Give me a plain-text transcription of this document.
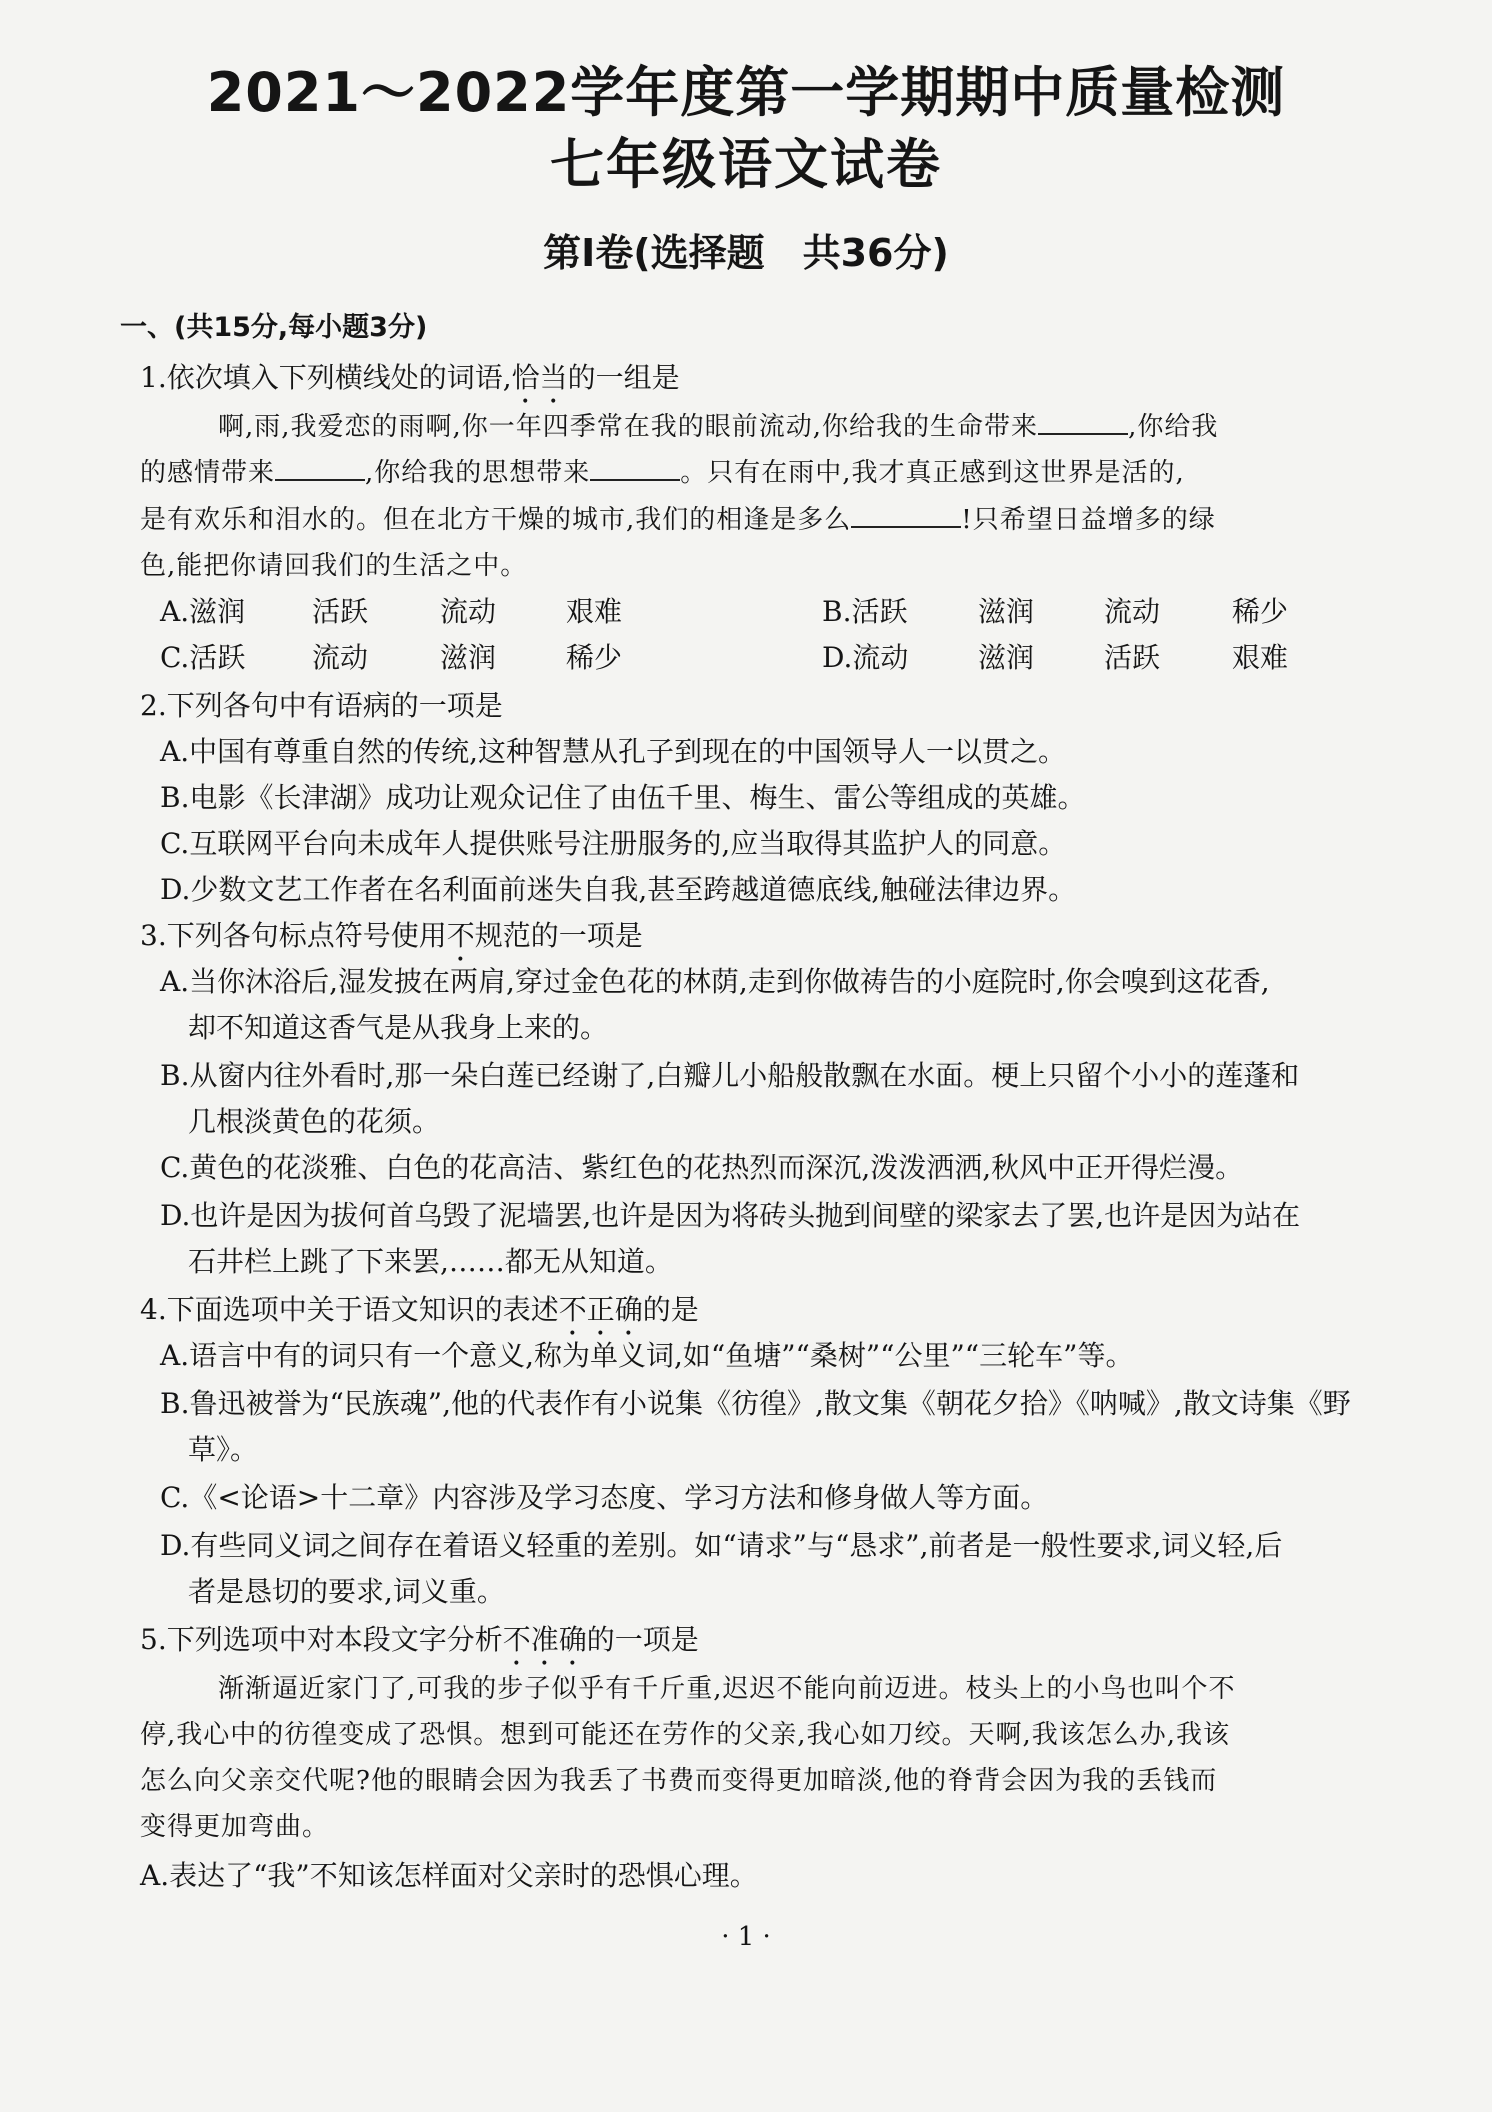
2021～2022学年度第一学期期中质量检测
七年级语文试卷
第Ⅰ卷(选择题　共36分)
一、(共15分,每小题3分)
1.依次填入下列横线处的词语,恰当的一组是
啊,雨,我爱恋的雨啊,你一年四季常在我的眼前流动,你给我的生命带来	,你给我
的感情带来	,你给我的思想带来	。只有在雨中,我才真正感到这世界是活的,
是有欢乐和泪水的。但在北方干燥的城市,我们的相逢是多么	!只希望日益增多的绿
色,能把你请回我们的生活之中。
A.滋润 活跃	流动 艰难	B.活跃	滋润 流动	稀少
C.活跃 流动	滋润 稀少	D.流动 滋润 活跃	艰难
2.下列各句中有语病的一项是
A.中国有尊重自然的传统,这种智慧从孔子到现在的中国领导人一以贯之。
B.电影《长津湖》成功让观众记住了由伍千里、梅生、雷公等组成的英雄。
C.互联网平台向未成年人提供账号注册服务的,应当取得其监护人的同意。
D.少数文艺工作者在名利面前迷失自我,甚至跨越道德底线,触碰法律边界。
3.下列各句标点符号使用不规范的一项是
A.当你沐浴后,湿发披在两肩,穿过金色花的林荫,走到你做祷告的小庭院时,你会嗅到这花香,
却不知道这香气是从我身上来的。
B.从窗内往外看时,那一朵白莲已经谢了,白瓣儿小船般散飘在水面。梗上只留个小小的莲蓬和
几根淡黄色的花须。
C.黄色的花淡雅、白色的花高洁、紫红色的花热烈而深沉,泼泼洒洒,秋风中正开得烂漫。
D.也许是因为拔何首乌毁了泥墙罢,也许是因为将砖头抛到间壁的梁家去了罢,也许是因为站在
石井栏上跳了下来罢,……都无从知道。
4.下面选项中关于语文知识的表述不正确的是
A.语言中有的词只有一个意义,称为单义词,如“鱼塘”“桑树”“公里”“三轮车”等。
B.鲁迅被誉为“民族魂”,他的代表作有小说集《彷徨》,散文集《朝花夕拾》《呐喊》,散文诗集《野
草》。
C.《<论语>十二章》内容涉及学习态度、学习方法和修身做人等方面。
D.有些同义词之间存在着语义轻重的差别。如“请求”与“恳求”,前者是一般性要求,词义轻,后
者是恳切的要求,词义重。
5.下列选项中对本段文字分析不准确的一项是
渐渐逼近家门了,可我的步子似乎有千斤重,迟迟不能向前迈进。枝头上的小鸟也叫个不
停,我心中的彷徨变成了恐惧。想到可能还在劳作的父亲,我心如刀绞。天啊,我该怎么办,我该
怎么向父亲交代呢?他的眼睛会因为我丢了书费而变得更加暗淡,他的脊背会因为我的丢钱而
变得更加弯曲。
A.表达了“我”不知该怎样面对父亲时的恐惧心理。
· 1 ·
